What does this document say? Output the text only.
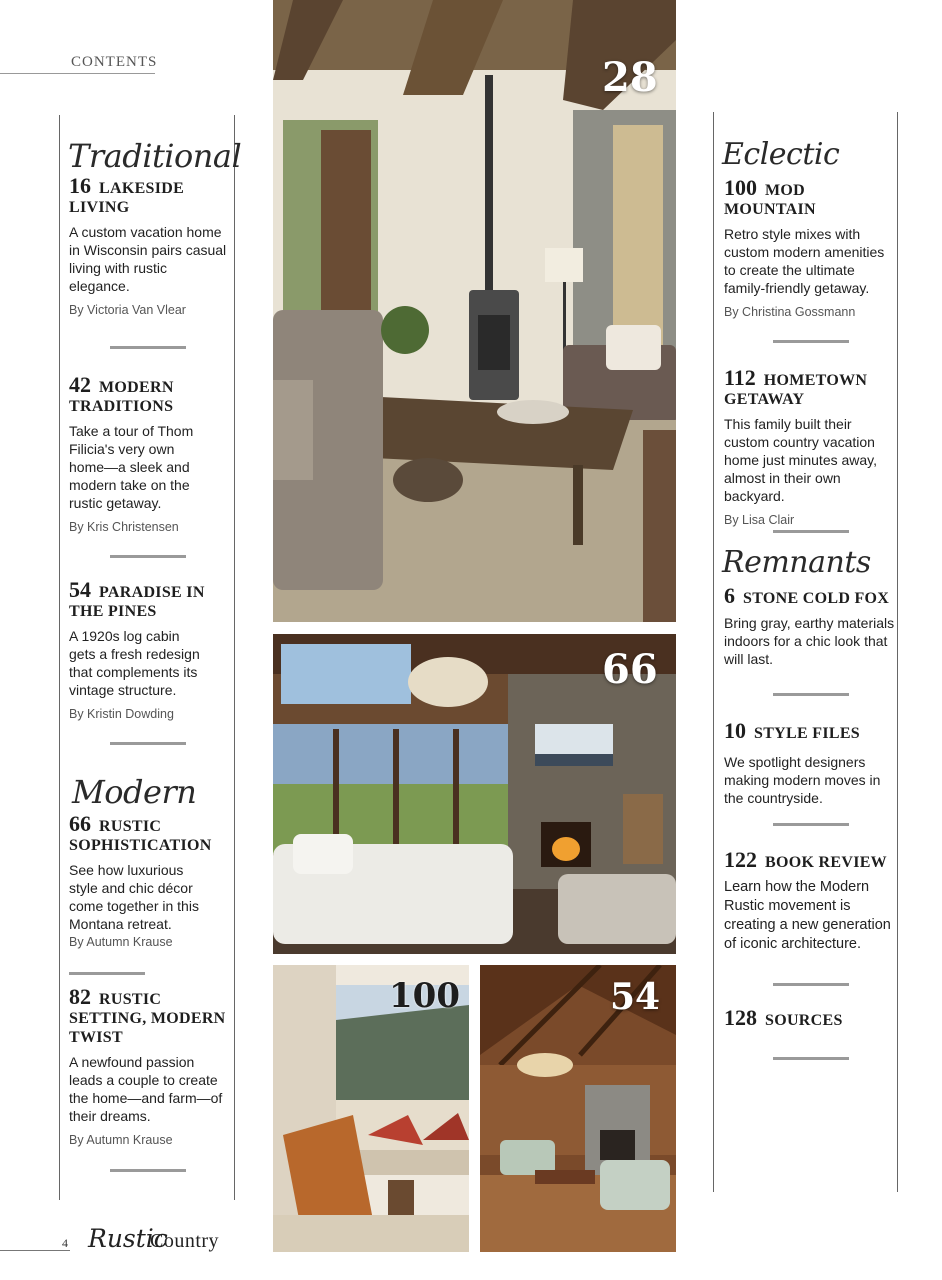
CONTENTS
Traditional
16 LAKESIDE LIVING
A custom vacation home in Wisconsin pairs casual living with rustic elegance.
By Victoria Van Vlear
42 MODERN TRADITIONS
Take a tour of Thom Filicia's very own home—a sleek and modern take on the rustic getaway.
By Kris Christensen
54 PARADISE IN THE PINES
A 1920s log cabin gets a fresh redesign that complements its vintage structure.
By Kristin Dowding
Modern
66 RUSTIC SOPHISTICATION
See how luxurious style and chic décor come together in this Montana retreat.
By Autumn Krause
82 RUSTIC SETTING, MODERN TWIST
A newfound passion leads a couple to create the home—and farm—of their dreams.
By Autumn Krause
28
66
100	54
Eclectic
100 MOD MOUNTAIN
Retro style mixes with custom modern amenities to create the ultimate family-friendly getaway.
By Christina Gossmann
112 HOMETOWN GETAWAY
This family built their custom country vacation home just minutes away, almost in their own backyard.
By Lisa Clair
Remnants
6 STONE COLD FOX
Bring gray, earthy materials indoors for a chic look that will last.
10 STYLE FILES
We spotlight designers making modern moves in the countryside.
122 BOOK REVIEW
Learn how the Modern Rustic movement is creating a new generation of iconic architecture.
128 SOURCES
4 Rustic
Country
